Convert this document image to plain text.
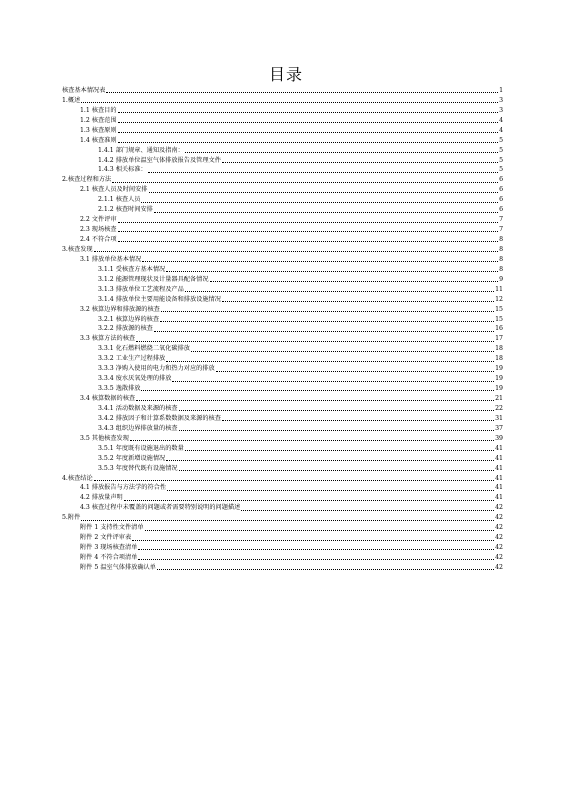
目录
核查基本情况表	1
1.概述	3
1.1 核查目的	3
1.2 核查范围	4
1.3 核查原则	4
1.4 核查准则	5
1.4.1 部门规章、通知及指南：	5
1.4.2 排放单位温室气体排放报告及管理文件	5
1.4.3 相关标准：	5
2.核查过程和方法	6
2.1 核查人员及时间安排	6
2.1.1 核查人员	6
2.1.2 核查时间安排	6
2.2 文件评审	7
2.3 现场核查	7
2.4 不符合项	8
3.核查发现	8
3.1 排放单位基本情况	8
3.1.1 受核查方基本情况	8
3.1.2 能源管理现状及计量器具配备情况	9
3.1.3 排放单位工艺流程及产品	11
3.1.4 排放单位主要用能设备和排放设施情况	12
3.2 核算边界和排放源的核查	15
3.2.1 核算边界的核查	15
3.2.2 排放源的核查	16
3.3 核算方法的核查	17
3.3.1 化石燃料燃烧二氧化碳排放	18
3.3.2 工业生产过程排放	18
3.3.3 净购入使用的电力和热力对应的排放	19
3.3.4 废水厌氧处理的排放	19
3.3.5 逸散排放	19
3.4 核算数据的核查	21
3.4.1 活动数据及来源的核查	22
3.4.2 排放因子和计算系数数据及来源的核查	31
3.4.3 组织边界排放量的核查	37
3.5 其他核查发现	39
3.5.1 年度既有设施退出的数量	41
3.5.2 年度新增设施情况	41
3.5.3 年度替代既有设施情况	41
4.核查结论	41
4.1 排放报告与方法学的符合性	41
4.2 排放量声明	41
4.3 核查过程中未覆盖的问题或者需要特别说明的问题描述	42
5.附件	42
附件 1 支持性文件清单	42
附件 2 文件评审表	42
附件 3 现场核查清单	42
附件 4 不符合项清单	42
附件 5 温室气体排放确认单	42
